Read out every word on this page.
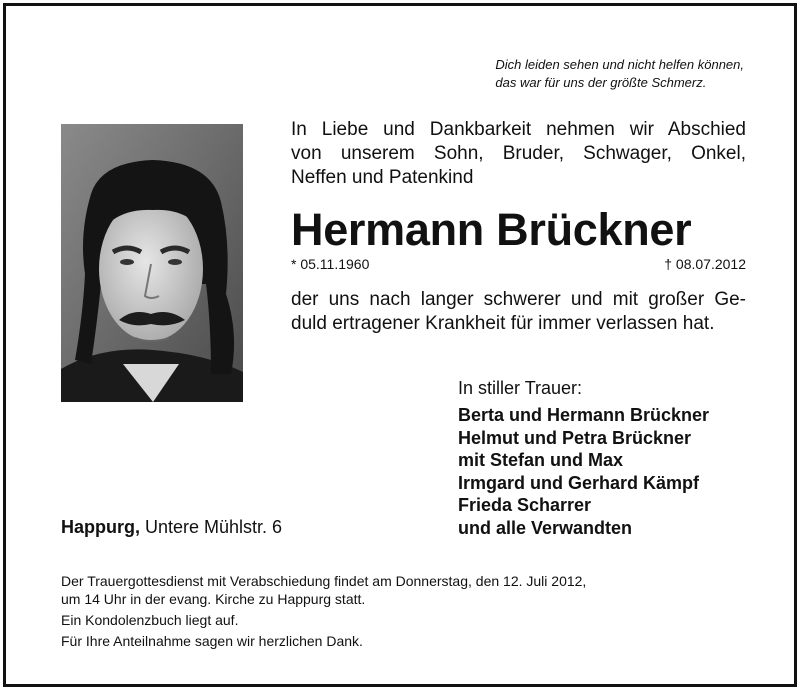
Dich leiden sehen und nicht helfen können,
das war für uns der größte Schmerz.
In Liebe und Dankbarkeit nehmen wir Abschied
von unserem Sohn, Bruder, Schwager, Onkel,
Neffen und Patenkind
Hermann Brückner
* 05.11.1960	† 08.07.2012
der uns nach langer schwerer und mit großer Ge-
duld ertragener Krankheit für immer verlassen hat.
In stiller Trauer:
Berta und Hermann Brückner
Helmut und Petra Brückner
mit Stefan und Max
Irmgard und Gerhard Kämpf
Frieda Scharrer
und alle Verwandten
Happurg, Untere Mühlstr. 6

Der Trauergottesdienst mit Verabschiedung findet am Donnerstag, den 12. Juli 2012,
um 14 Uhr in der evang. Kirche zu Happurg statt.

Ein Kondolenzbuch liegt auf.

Für Ihre Anteilnahme sagen wir herzlichen Dank.
